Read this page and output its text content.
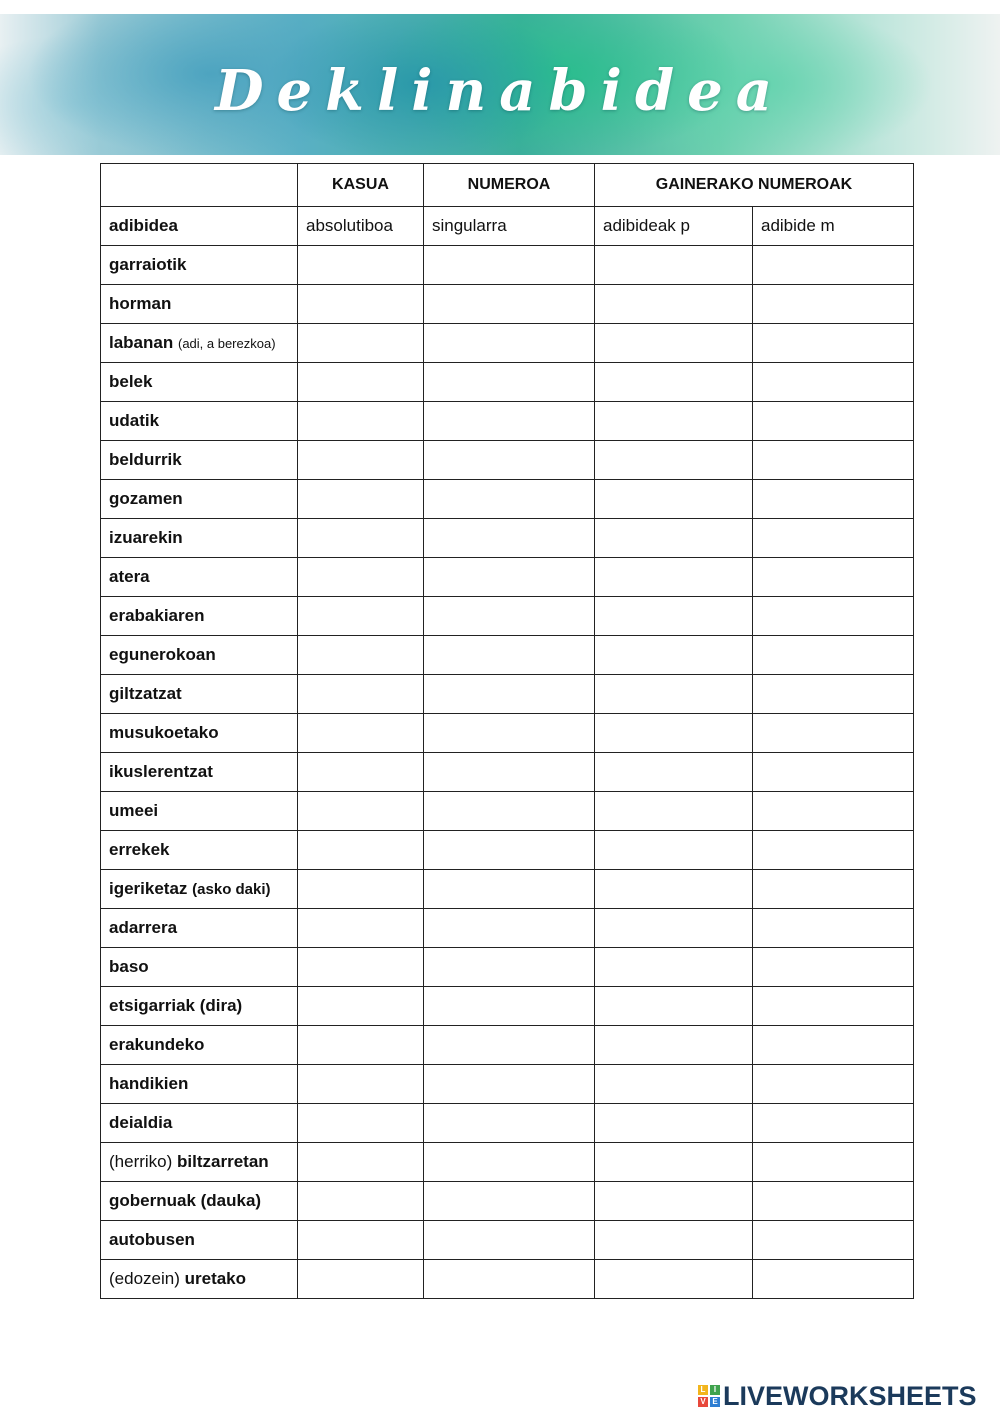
Deklinabidea
	KASUA	NUMEROA	GAINERAKO NUMEROAK	
adibidea	absolutiboa	singularra	adibideak p	adibide m
garraiotik				
horman				
labanan (adi, a berezkoa)				
belek				
udatik				
beldurrik				
gozamen				
izuarekin				
atera				
erabakiaren				
egunerokoan				
giltzatzat				
musukoetako				
ikuslerentzat				
umeei				
errekek				
igeriketaz (asko daki)				
adarrera				
baso				
etsigarriak (dira)				
erakundeko				
handikien				
deialdia				
(herriko) biltzarretan				
gobernuak (dauka)				
autobusen				
(edozein) uretako				
L	I
V E LIVEWORKSHEETS
